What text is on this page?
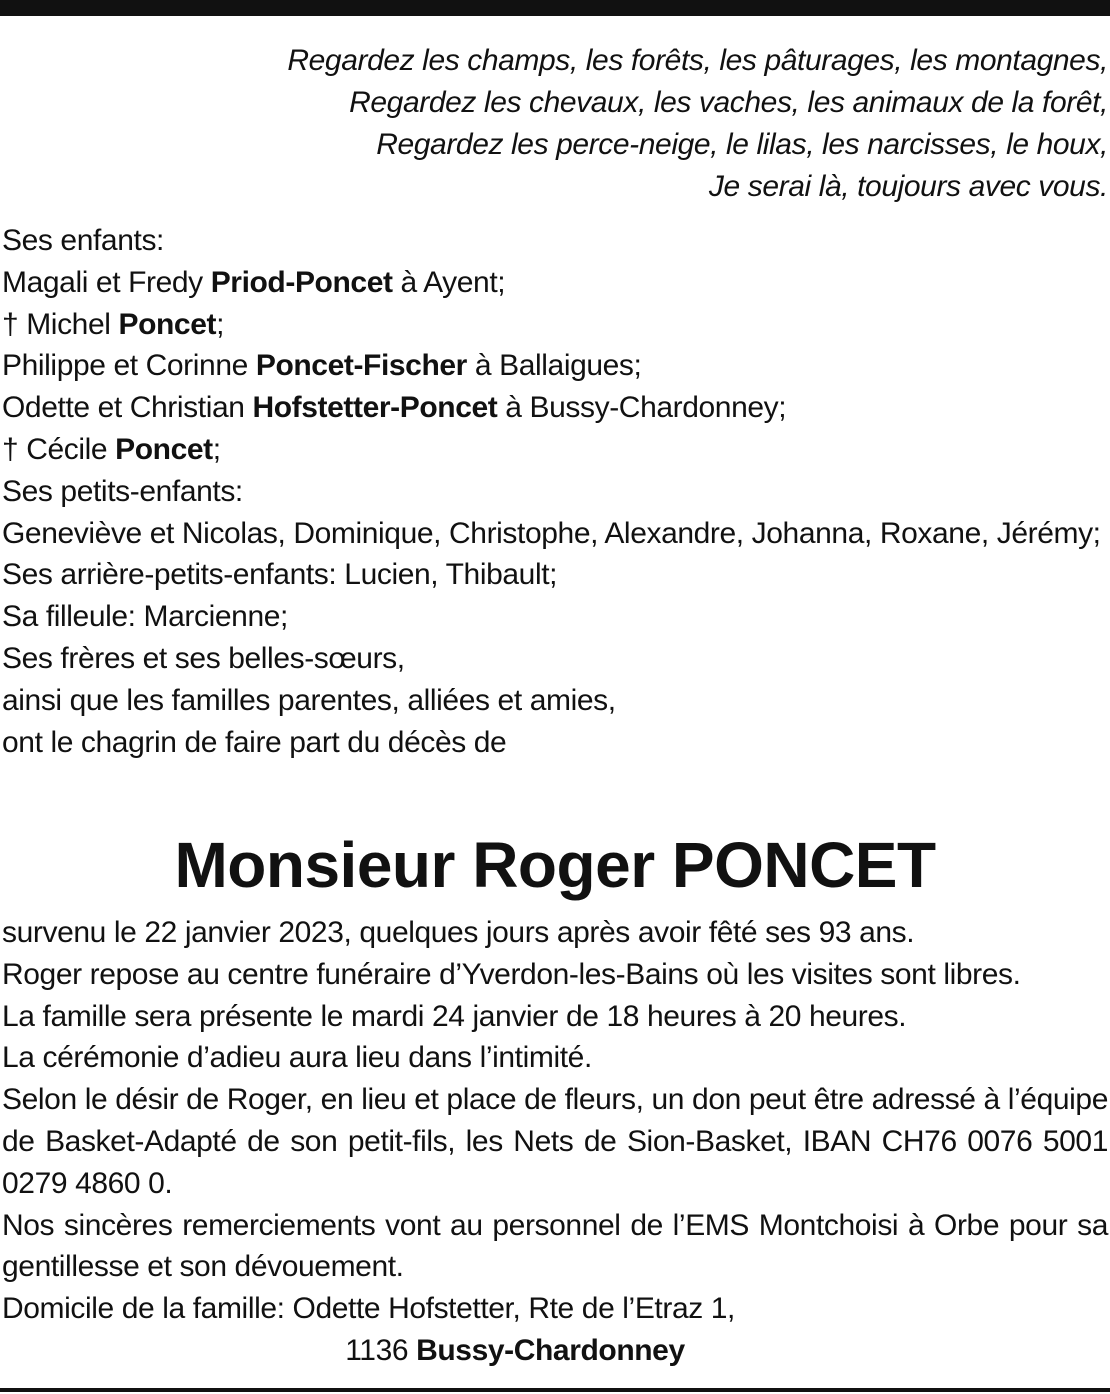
Regardez les champs, les forêts, les pâturages, les montagnes,
Regardez les chevaux, les vaches, les animaux de la forêt,
Regardez les perce-neige, le lilas, les narcisses, le houx,
Je serai là, toujours avec vous.
Ses enfants:
Magali et Fredy Priod-Poncet à Ayent;
† Michel Poncet;
Philippe et Corinne Poncet-Fischer à Ballaigues;
Odette et Christian Hofstetter-Poncet à Bussy-Chardonney;
† Cécile Poncet;
Ses petits-enfants:
Geneviève et Nicolas, Dominique, Christophe, Alexandre, Johanna, Roxane, Jérémy;
Ses arrière-petits-enfants: Lucien, Thibault;
Sa filleule: Marcienne;
Ses frères et ses belles-sœurs,
ainsi que les familles parentes, alliées et amies,
ont le chagrin de faire part du décès de
Monsieur Roger PONCET
survenu le 22 janvier 2023, quelques jours après avoir fêté ses 93 ans.
Roger repose au centre funéraire d’Yverdon-les-Bains où les visites sont libres.
La famille sera présente le mardi 24 janvier de 18 heures à 20 heures.
La cérémonie d’adieu aura lieu dans l’intimité.
Selon le désir de Roger, en lieu et place de fleurs, un don peut être adressé à l’équipe de Basket-Adapté de son petit-fils, les Nets de Sion-Basket, IBAN CH76 0076 5001 0279 4860 0.
Nos sincères remerciements vont au personnel de l’EMS Montchoisi à Orbe pour sa gentillesse et son dévouement.
Domicile de la famille: Odette Hofstetter, Rte de l’Etraz 1,
1136 Bussy-Chardonney
